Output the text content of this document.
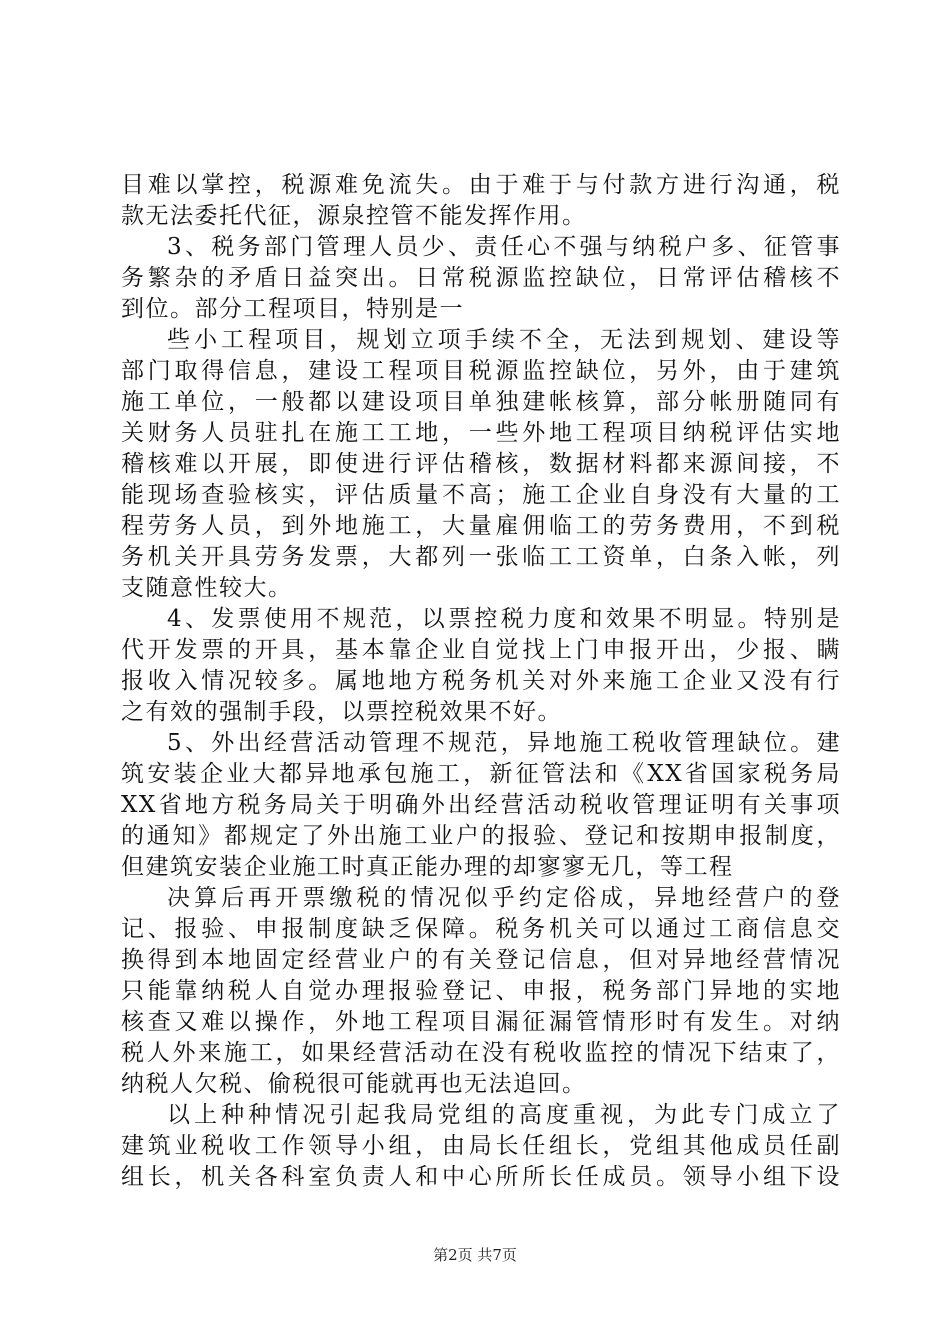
目难以掌控，税源难免流失。由于难于与付款方进行沟通，税
款无法委托代征，源泉控管不能发挥作用。
3、税务部门管理人员少、责任心不强与纳税户多、征管事
务繁杂的矛盾日益突出。日常税源监控缺位，日常评估稽核不
到位。部分工程项目，特别是一
些小工程项目，规划立项手续不全，无法到规划、建设等
部门取得信息，建设工程项目税源监控缺位，另外，由于建筑
施工单位，一般都以建设项目单独建帐核算，部分帐册随同有
关财务人员驻扎在施工工地，一些外地工程项目纳税评估实地
稽核难以开展，即使进行评估稽核，数据材料都来源间接，不
能现场查验核实，评估质量不高；施工企业自身没有大量的工
程劳务人员，到外地施工，大量雇佣临工的劳务费用，不到税
务机关开具劳务发票，大都列一张临工工资单，白条入帐，列
支随意性较大。
4、发票使用不规范，以票控税力度和效果不明显。特别是
代开发票的开具，基本靠企业自觉找上门申报开出，少报、瞒
报收入情况较多。属地地方税务机关对外来施工企业又没有行
之有效的强制手段，以票控税效果不好。
5、外出经营活动管理不规范，异地施工税收管理缺位。建
筑安装企业大都异地承包施工，新征管法和《XX省国家税务局
XX省地方税务局关于明确外出经营活动税收管理证明有关事项
的通知》都规定了外出施工业户的报验、登记和按期申报制度，
但建筑安装企业施工时真正能办理的却寥寥无几，等工程
决算后再开票缴税的情况似乎约定俗成，异地经营户的登
记、报验、申报制度缺乏保障。税务机关可以通过工商信息交
换得到本地固定经营业户的有关登记信息，但对异地经营情况
只能靠纳税人自觉办理报验登记、申报，税务部门异地的实地
核查又难以操作，外地工程项目漏征漏管情形时有发生。对纳
税人外来施工，如果经营活动在没有税收监控的情况下结束了，
纳税人欠税、偷税很可能就再也无法追回。
以上种种情况引起我局党组的高度重视，为此专门成立了
建筑业税收工作领导小组，由局长任组长，党组其他成员任副
组长，机关各科室负责人和中心所所长任成员。领导小组下设
第2页 共7页
